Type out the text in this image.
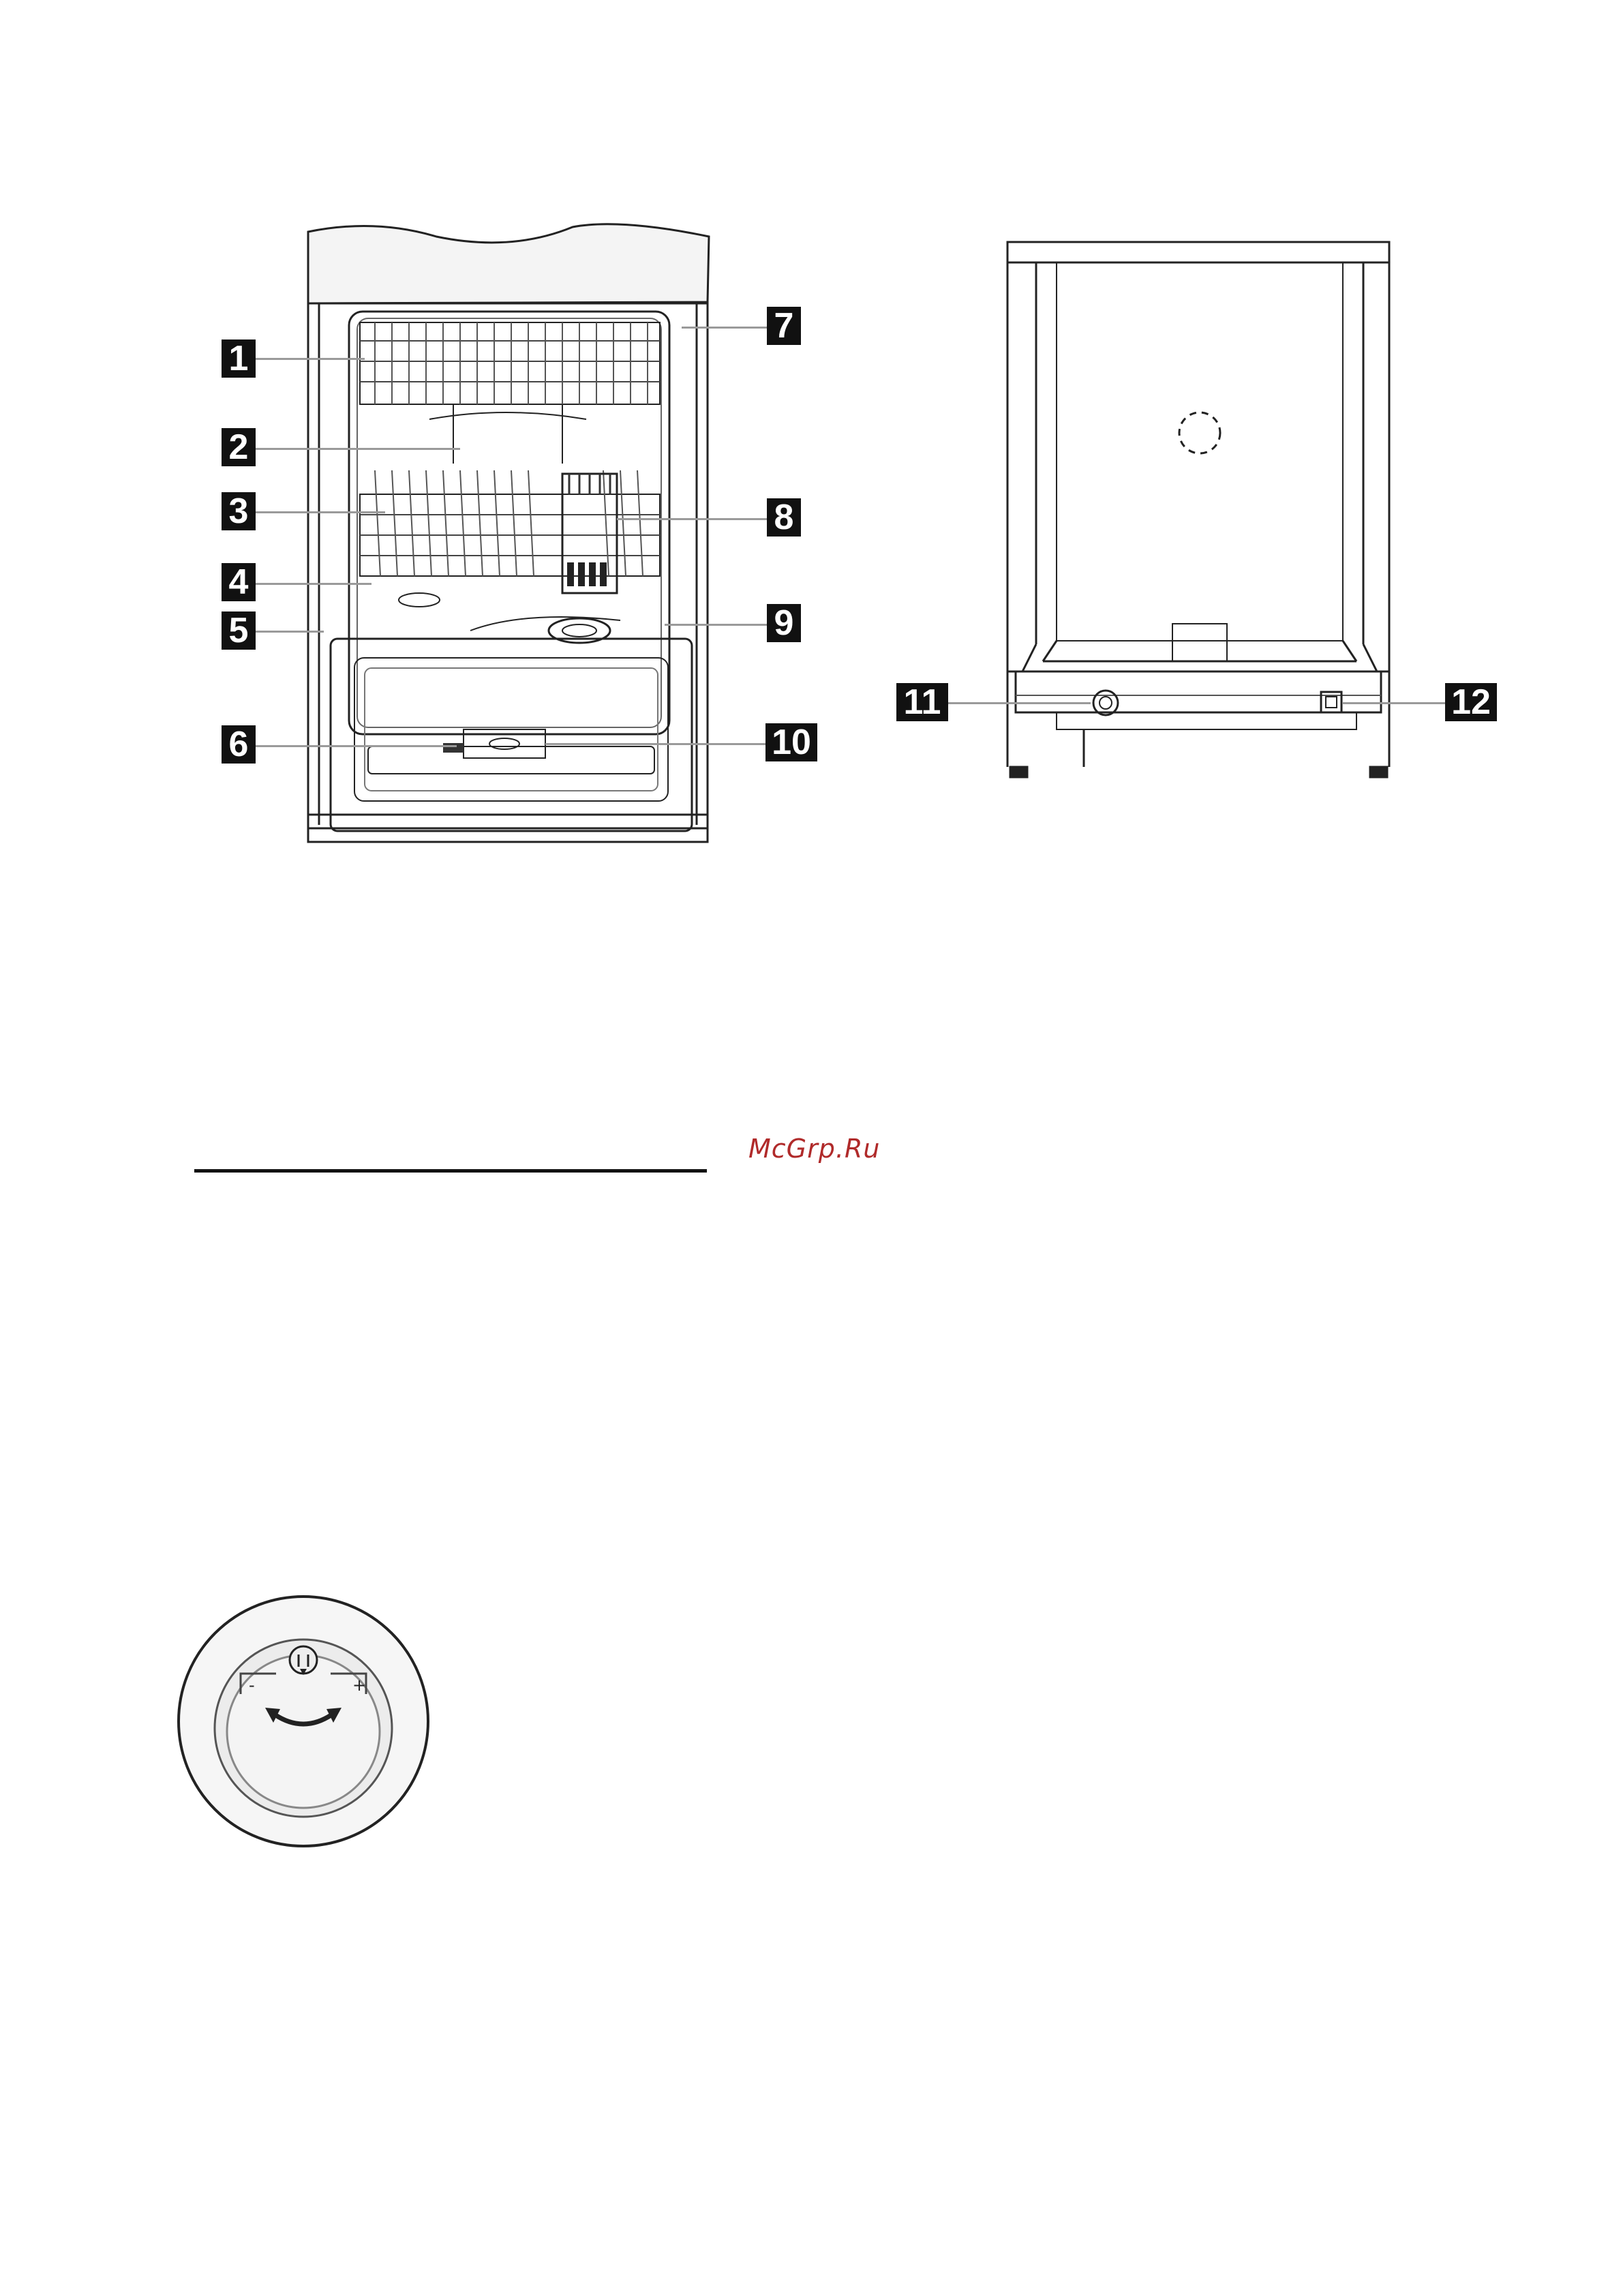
1
2
3
4
5
6
7
8
9
10
11	12
McGrp.Ru
-	+
